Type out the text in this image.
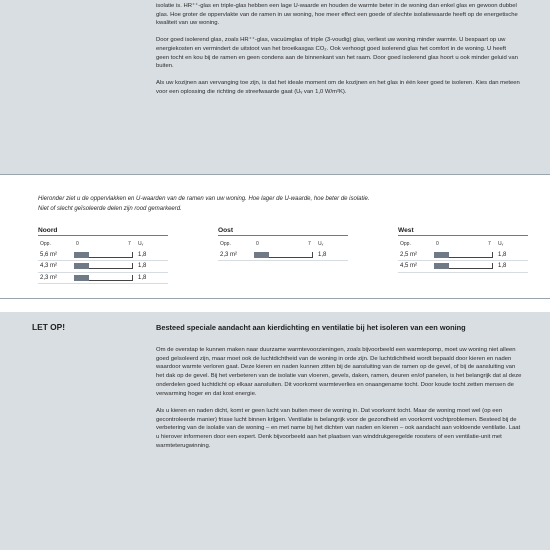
isolatie is. HR⁺⁺-glas en triple-glas hebben een lage U-waarde en houden de warmte beter in de woning dan enkel glas en gewoon dubbel glas. Hoe groter de oppervlakte van de ramen in uw woning, hoe meer effect een goede of slechte isolatiewaarde heeft op de energetische kwaliteit van uw woning.

Door goed isolerend glas, zoals HR⁺⁺-glas, vacuümglas of triple (3-voudig) glas, verliest uw woning minder warmte. U bespaart op uw energiekosten en vermindert de uitstoot van het broeikasgas CO₂. Ook verhoogt goed isolerend glas het comfort in de woning. U heeft geen tocht en kou bij de ramen en geen condens aan de binnenkant van het raam. Door goed isolerend glas hoort u ook minder geluid van buiten.

Als uw kozijnen aan vervanging toe zijn, is dat het ideale moment om de kozijnen en het glas in één keer goed te isoleren. Kies dan meteen voor een oplossing die richting de streefwaarde gaat (Uᵥ van 1,0 W/m²K).

Hieronder ziet u de oppervlakken en U-waarden van de ramen van uw woning. Hoe lager de U-waarde, hoe beter de isolatie.
Niet of slecht geïsoleerde delen zijn rood gemarkeerd.
Noord
Opp.	0	7 Uᵥ
5,6 m²	1,8
4,3 m²	1,8
2,3 m²	1,8
Oost
Opp.	0	7 Uᵥ
2,3 m²	1,8
West
Opp.	0	7 Uᵥ
2,5 m²	1,8
4,5 m²	1,8
LET OP!	Besteed speciale aandacht aan kierdichting en ventilatie bij het isoleren van een woning

Om de overstap te kunnen maken naar duurzame warmtevoorzieningen, zoals bijvoorbeeld een warmtepomp, moet uw woning niet alleen goed geïsoleerd zijn, maar moet ook de luchtdichtheid van de woning in orde zijn. De luchtdichtheid wordt bepaald door kieren en naden waardoor warmte verloren gaat. Deze kieren en naden kunnen zitten bij de aansluiting van de ramen op de gevel, of bij de aansluiting van het dak op de gevel. Bij het verbeteren van de isolatie van vloeren, gevels, daken, ramen, deuren en/of panelen, is het belangrijk dat al deze onderdelen goed luchtdicht op elkaar aansluiten. Dit voorkomt warmteverlies en onaangename tocht. Door koude tocht zetten mensen de verwarming hoger en dat kost energie.

Als u kieren en naden dicht, komt er geen lucht van buiten meer de woning in. Dat voorkomt tocht. Maar de woning moet wel (op een gecontroleerde manier) frisse lucht binnen krijgen. Ventilatie is belangrijk voor de gezondheid en voorkomt vochtproblemen. Besteed bij de verbetering van de isolatie van de woning – en met name bij het dichten van naden en kieren – ook aandacht aan voldoende ventilatie. Laat u hierover informeren door een expert. Denk bijvoorbeeld aan het plaatsen van winddrukgeregelde roosters of een ventilatie-unit met warmteterugwinning.
